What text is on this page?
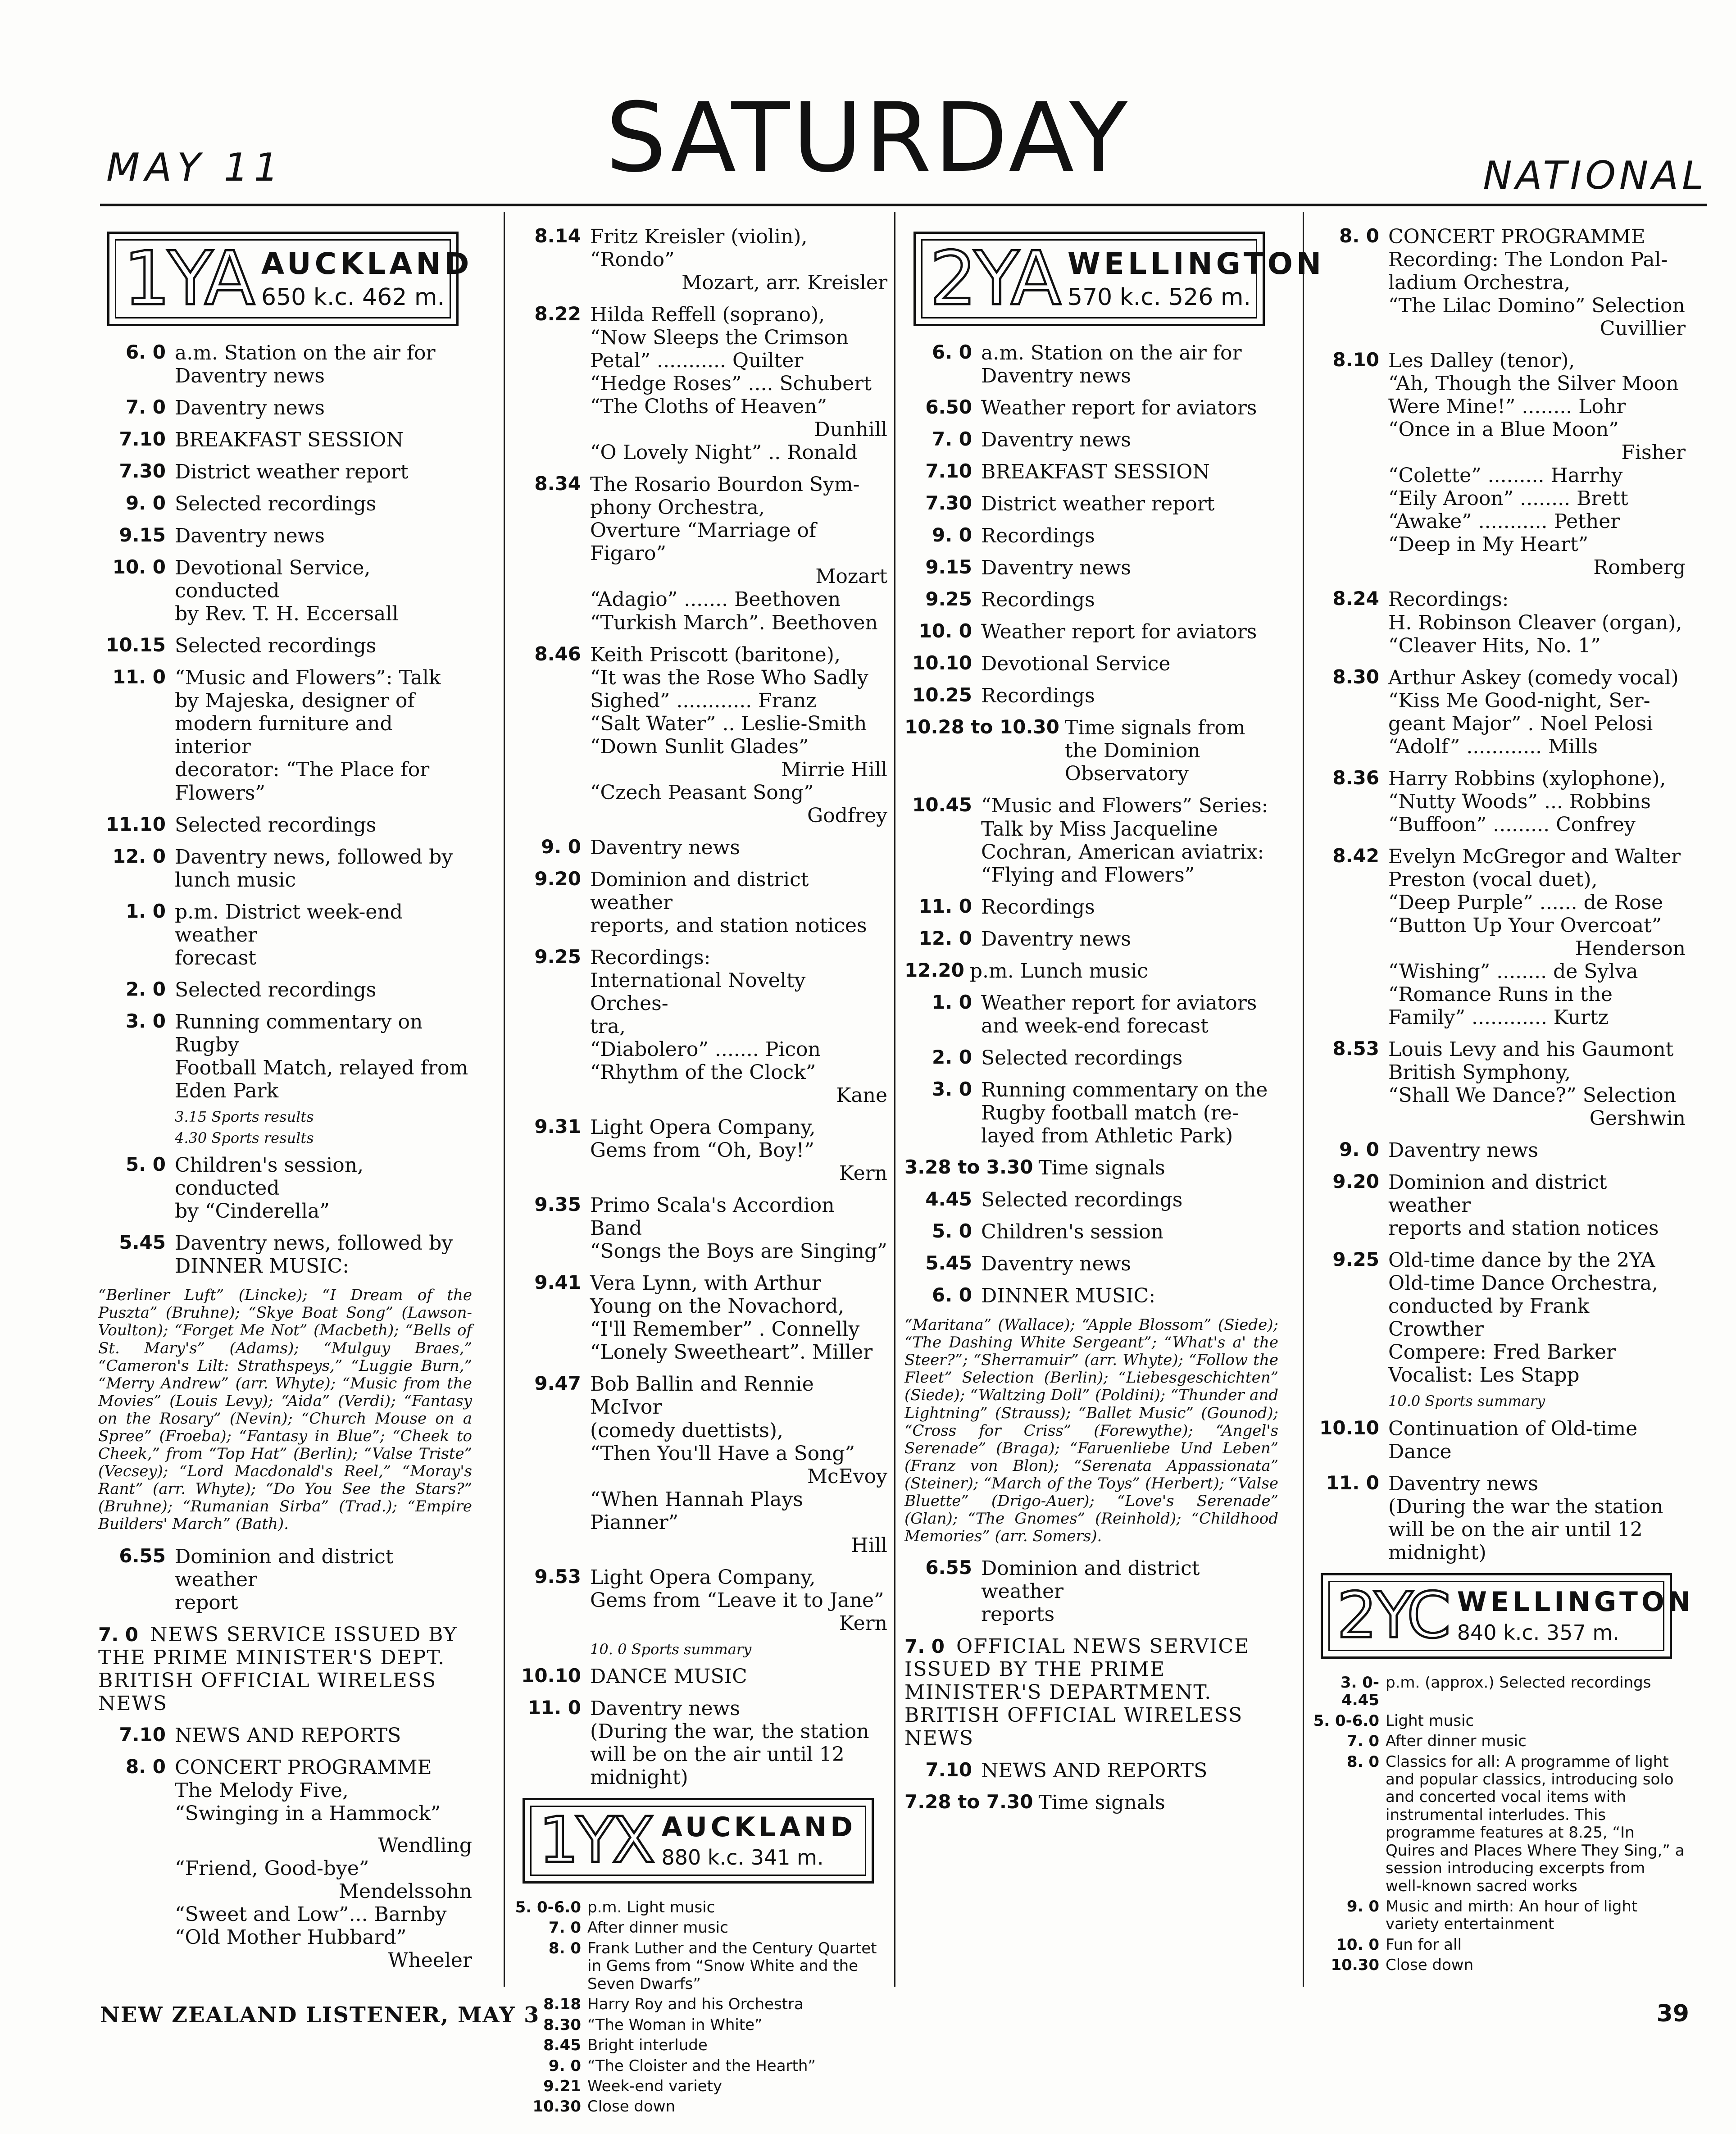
MAY 11	SATURDAY	NATIONAL
1YA AUCKLAND
650 k.c. 462 m.
6. 0 a.m. Station on the air for
Daventry news
7. 0 Daventry news
7.10 BREAKFAST SESSION
7.30 District weather report
9. 0 Selected recordings
9.15 Daventry news
10. 0 Devotional Service, conducted
by Rev. T. H. Eccersall
10.15 Selected recordings
11. 0 “Music and Flowers”: Talk
by Majeska, designer of
modern furniture and interior
decorator: “The Place for
Flowers”
11.10 Selected recordings
12. 0 Daventry news, followed by
lunch music
1. 0 p.m. District week-end weather
forecast
2. 0 Selected recordings
3. 0 Running commentary on Rugby
Football Match, relayed from
Eden Park
3.15 Sports results
4.30 Sports results
5. 0 Children's session, conducted
by “Cinderella”
5.45 Daventry news, followed by
DINNER MUSIC:
“Berliner Luft” (Lincke); “I Dream of the Puszta” (Bruhne); “Skye Boat Song” (Lawson-Voulton); “Forget Me Not” (Macbeth); “Bells of St. Mary's” (Adams); “Mulguy Braes,” “Cameron's Lilt: Strathspeys,” “Luggie Burn,” “Merry Andrew” (arr. Whyte); “Music from the Movies” (Louis Levy); “Aida” (Verdi); “Fantasy on the Rosary” (Nevin); “Church Mouse on a Spree” (Froeba); “Fantasy in Blue”; “Cheek to Cheek,” from “Top Hat” (Berlin); “Valse Triste” (Vecsey); “Lord Macdonald's Reel,” “Moray's Rant” (arr. Whyte); “Do You See the Stars?” (Bruhne); “Rumanian Sirba” (Trad.); “Empire Builders' March” (Bath).
6.55 Dominion and district weather
report
7. 0 NEWS SERVICE ISSUED BY THE PRIME MINISTER'S DEPT. BRITISH OFFICIAL WIRELESS NEWS
7.10 NEWS AND REPORTS
8. 0 CONCERT PROGRAMME
The Melody Five,
“Swinging in a Hammock”
Wendling
“Friend, Good-bye”
Mendelssohn
“Sweet and Low”... Barnby
“Old Mother Hubbard”
Wheeler
8.14 Fritz Kreisler (violin),
“Rondo”
Mozart, arr. Kreisler
8.22 Hilda Reffell (soprano),
“Now Sleeps the Crimson
Petal” ........... Quilter
“Hedge Roses” .... Schubert
“The Cloths of Heaven”
Dunhill
“O Lovely Night” .. Ronald
8.34 The Rosario Bourdon Sym-
phony Orchestra,
Overture “Marriage of Figaro”
Mozart
“Adagio” ....... Beethoven
“Turkish March”. Beethoven
8.46 Keith Priscott (baritone),
“It was the Rose Who Sadly
Sighed” ............ Franz
“Salt Water” .. Leslie-Smith
“Down Sunlit Glades”
Mirrie Hill
“Czech Peasant Song”
Godfrey
9. 0 Daventry news
9.20 Dominion and district weather
reports, and station notices
9.25 Recordings:
International Novelty Orches-
tra,
“Diabolero” ....... Picon
“Rhythm of the Clock”
Kane
9.31 Light Opera Company,
Gems from “Oh, Boy!”
Kern
9.35 Primo Scala's Accordion Band
“Songs the Boys are Singing”
9.41 Vera Lynn, with Arthur
Young on the Novachord,
“I'll Remember” . Connelly
“Lonely Sweetheart”. Miller
9.47 Bob Ballin and Rennie McIvor
(comedy duettists),
“Then You'll Have a Song”
McEvoy
“When Hannah Plays Pianner”
Hill
9.53 Light Opera Company,
Gems from “Leave it to Jane”
Kern
10. 0 Sports summary
10.10 DANCE MUSIC
11. 0 Daventry news
(During the war, the station
will be on the air until 12
midnight)
1YX AUCKLAND
880 k.c. 341 m.
5. 0-6.0 p.m. Light music
7. 0 After dinner music
8. 0 Frank Luther and the Century Quartet in Gems from “Snow White and the Seven Dwarfs”
8.18 Harry Roy and his Orchestra
8.30 “The Woman in White”
8.45 Bright interlude
9. 0 “The Cloister and the Hearth”
9.21 Week-end variety
10.30 Close down
2YA WELLINGTON
570 k.c. 526 m.
6. 0 a.m. Station on the air for
Daventry news
6.50 Weather report for aviators
7. 0 Daventry news
7.10 BREAKFAST SESSION
7.30 District weather report
9. 0 Recordings
9.15 Daventry news
9.25 Recordings
10. 0 Weather report for aviators
10.10 Devotional Service
10.25 Recordings
10.28 to 10.30 Time signals from
the Dominion Observatory
10.45 “Music and Flowers” Series:
Talk by Miss Jacqueline
Cochran, American aviatrix:
“Flying and Flowers”
11. 0 Recordings
12. 0 Daventry news
12.20 p.m. Lunch music
1. 0 Weather report for aviators
and week-end forecast
2. 0 Selected recordings
3. 0 Running commentary on the
Rugby football match (re-
layed from Athletic Park)
3.28 to 3.30 Time signals
4.45 Selected recordings
5. 0 Children's session
5.45 Daventry news
6. 0 DINNER MUSIC:
“Maritana” (Wallace); “Apple Blossom” (Siede); “The Dashing White Sergeant”; “What's a' the Steer?”; “Sherramuir” (arr. Whyte); “Follow the Fleet” Selection (Berlin); “Liebesgeschichten” (Siede); “Waltzing Doll” (Poldini); “Thunder and Lightning” (Strauss); “Ballet Music” (Gounod); “Cross for Criss” (Forewythe); “Angel's Serenade” (Braga); “Faruenliebe Und Leben” (Franz von Blon); “Serenata Appassionata” (Steiner); “March of the Toys” (Herbert); “Valse Bluette” (Drigo-Auer); “Love's Serenade” (Glan); “The Gnomes” (Reinhold); “Childhood Memories” (arr. Somers).
6.55 Dominion and district weather
reports
7. 0 OFFICIAL NEWS SERVICE ISSUED BY THE PRIME MINISTER'S DEPARTMENT. BRITISH OFFICIAL WIRELESS NEWS
7.10 NEWS AND REPORTS
7.28 to 7.30 Time signals
8. 0 CONCERT PROGRAMME
Recording: The London Pal-
ladium Orchestra,
“The Lilac Domino” Selection
Cuvillier
8.10 Les Dalley (tenor),
“Ah, Though the Silver Moon
Were Mine!” ........ Lohr
“Once in a Blue Moon”
Fisher
“Colette” ......... Harrhy
“Eily Aroon” ........ Brett
“Awake” ........... Pether
“Deep in My Heart”
Romberg
8.24 Recordings:
H. Robinson Cleaver (organ),
“Cleaver Hits, No. 1”
8.30 Arthur Askey (comedy vocal)
“Kiss Me Good-night, Ser-
geant Major” . Noel Pelosi
“Adolf” ............ Mills
8.36 Harry Robbins (xylophone),
“Nutty Woods” ... Robbins
“Buffoon” ......... Confrey
8.42 Evelyn McGregor and Walter
Preston (vocal duet),
“Deep Purple” ...... de Rose
“Button Up Your Overcoat”
Henderson
“Wishing” ........ de Sylva
“Romance Runs in the
Family” ............ Kurtz
8.53 Louis Levy and his Gaumont
British Symphony,
“Shall We Dance?” Selection
Gershwin
9. 0 Daventry news
9.20 Dominion and district weather
reports and station notices
9.25 Old-time dance by the 2YA
Old-time Dance Orchestra,
conducted by Frank Crowther
Compere: Fred Barker
Vocalist: Les Stapp
10.0 Sports summary
10.10 Continuation of Old-time
Dance
11. 0 Daventry news
(During the war the station
will be on the air until 12
midnight)
2YC WELLINGTON
840 k.c. 357 m.
3. 0-4.45
p.m. (approx.) Selected recordings
5. 0-6.0 Light music
7. 0 After dinner music
8. 0 Classics for all: A programme of light and popular classics, introducing solo and concerted vocal items with instrumental interludes. This programme features at 8.25, “In Quires and Places Where They Sing,” a session introducing excerpts from well-known sacred works
9. 0 Music and mirth: An hour of light variety entertainment
10. 0 Fun for all
10.30 Close down
NEW ZEALAND LISTENER, MAY 3	39
